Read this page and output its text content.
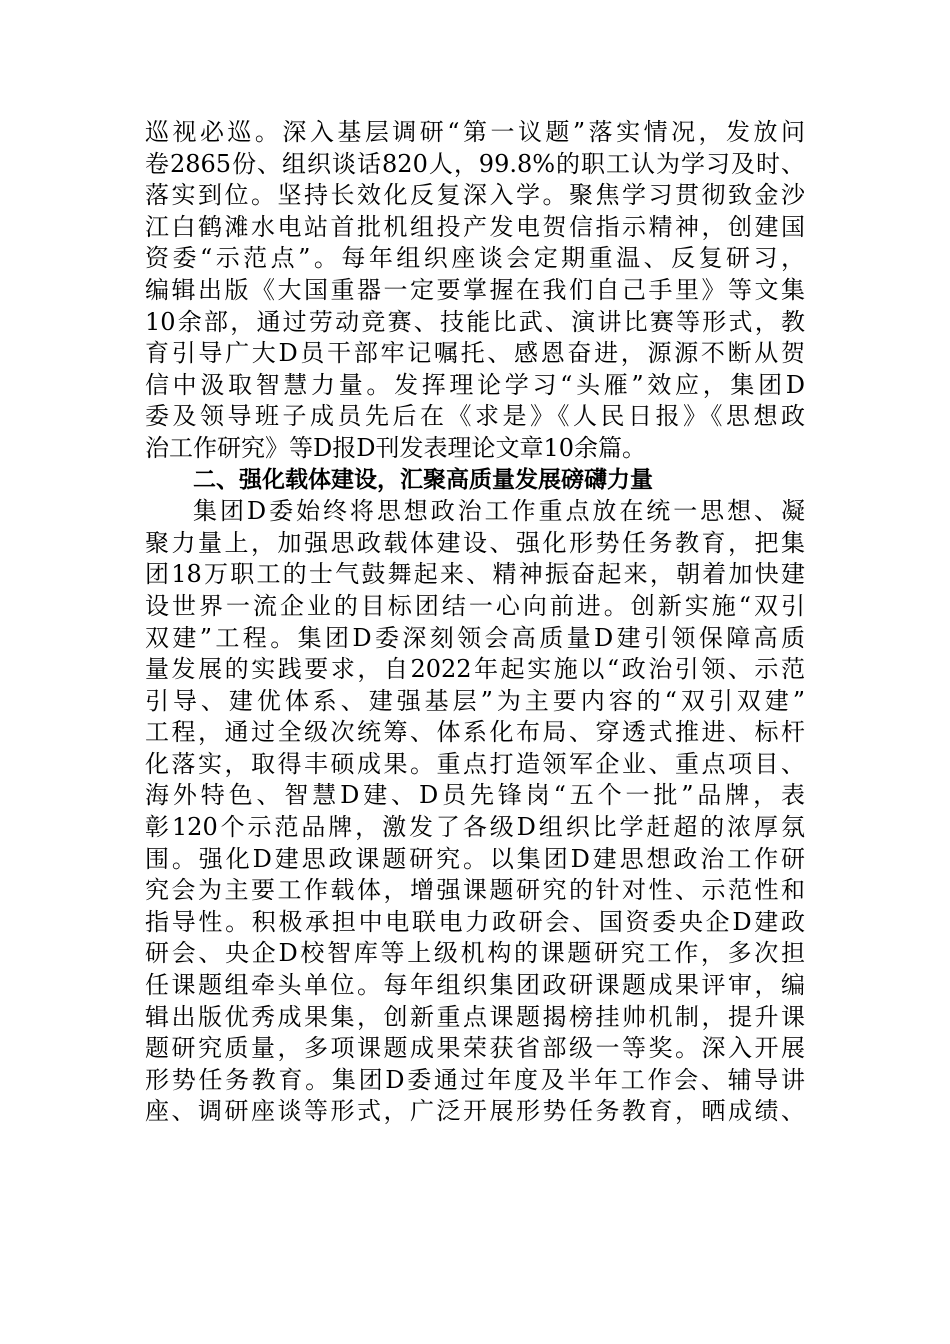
巡视必巡。深入基层调研“第一议题”落实情况，发放问
卷2865份、组织谈话820人，99.8%的职工认为学习及时、
落实到位。坚持长效化反复深入学。聚焦学习贯彻致金沙
江白鹤滩水电站首批机组投产发电贺信指示精神，创建国
资委“示范点”。每年组织座谈会定期重温、反复研习，
编辑出版《大国重器一定要掌握在我们自己手里》等文集
10余部，通过劳动竞赛、技能比武、演讲比赛等形式，教
育引导广大D员干部牢记嘱托、感恩奋进，源源不断从贺
信中汲取智慧力量。发挥理论学习“头雁”效应，集团D
委及领导班子成员先后在《求是》《人民日报》《思想政
治工作研究》等D报D刊发表理论文章10余篇。
二、强化载体建设，汇聚高质量发展磅礴力量
集团D委始终将思想政治工作重点放在统一思想、凝
聚力量上，加强思政载体建设、强化形势任务教育，把集
团18万职工的士气鼓舞起来、精神振奋起来，朝着加快建
设世界一流企业的目标团结一心向前进。创新实施“双引
双建”工程。集团D委深刻领会高质量D建引领保障高质
量发展的实践要求，自2022年起实施以“政治引领、示范
引导、建优体系、建强基层”为主要内容的“双引双建”
工程，通过全级次统筹、体系化布局、穿透式推进、标杆
化落实，取得丰硕成果。重点打造领军企业、重点项目、
海外特色、智慧D建、D员先锋岗“五个一批”品牌，表
彰120个示范品牌，激发了各级D组织比学赶超的浓厚氛
围。强化D建思政课题研究。以集团D建思想政治工作研
究会为主要工作载体，增强课题研究的针对性、示范性和
指导性。积极承担中电联电力政研会、国资委央企D建政
研会、央企D校智库等上级机构的课题研究工作，多次担
任课题组牵头单位。每年组织集团政研课题成果评审，编
辑出版优秀成果集，创新重点课题揭榜挂帅机制，提升课
题研究质量，多项课题成果荣获省部级一等奖。深入开展
形势任务教育。集团D委通过年度及半年工作会、辅导讲
座、调研座谈等形式，广泛开展形势任务教育，晒成绩、
